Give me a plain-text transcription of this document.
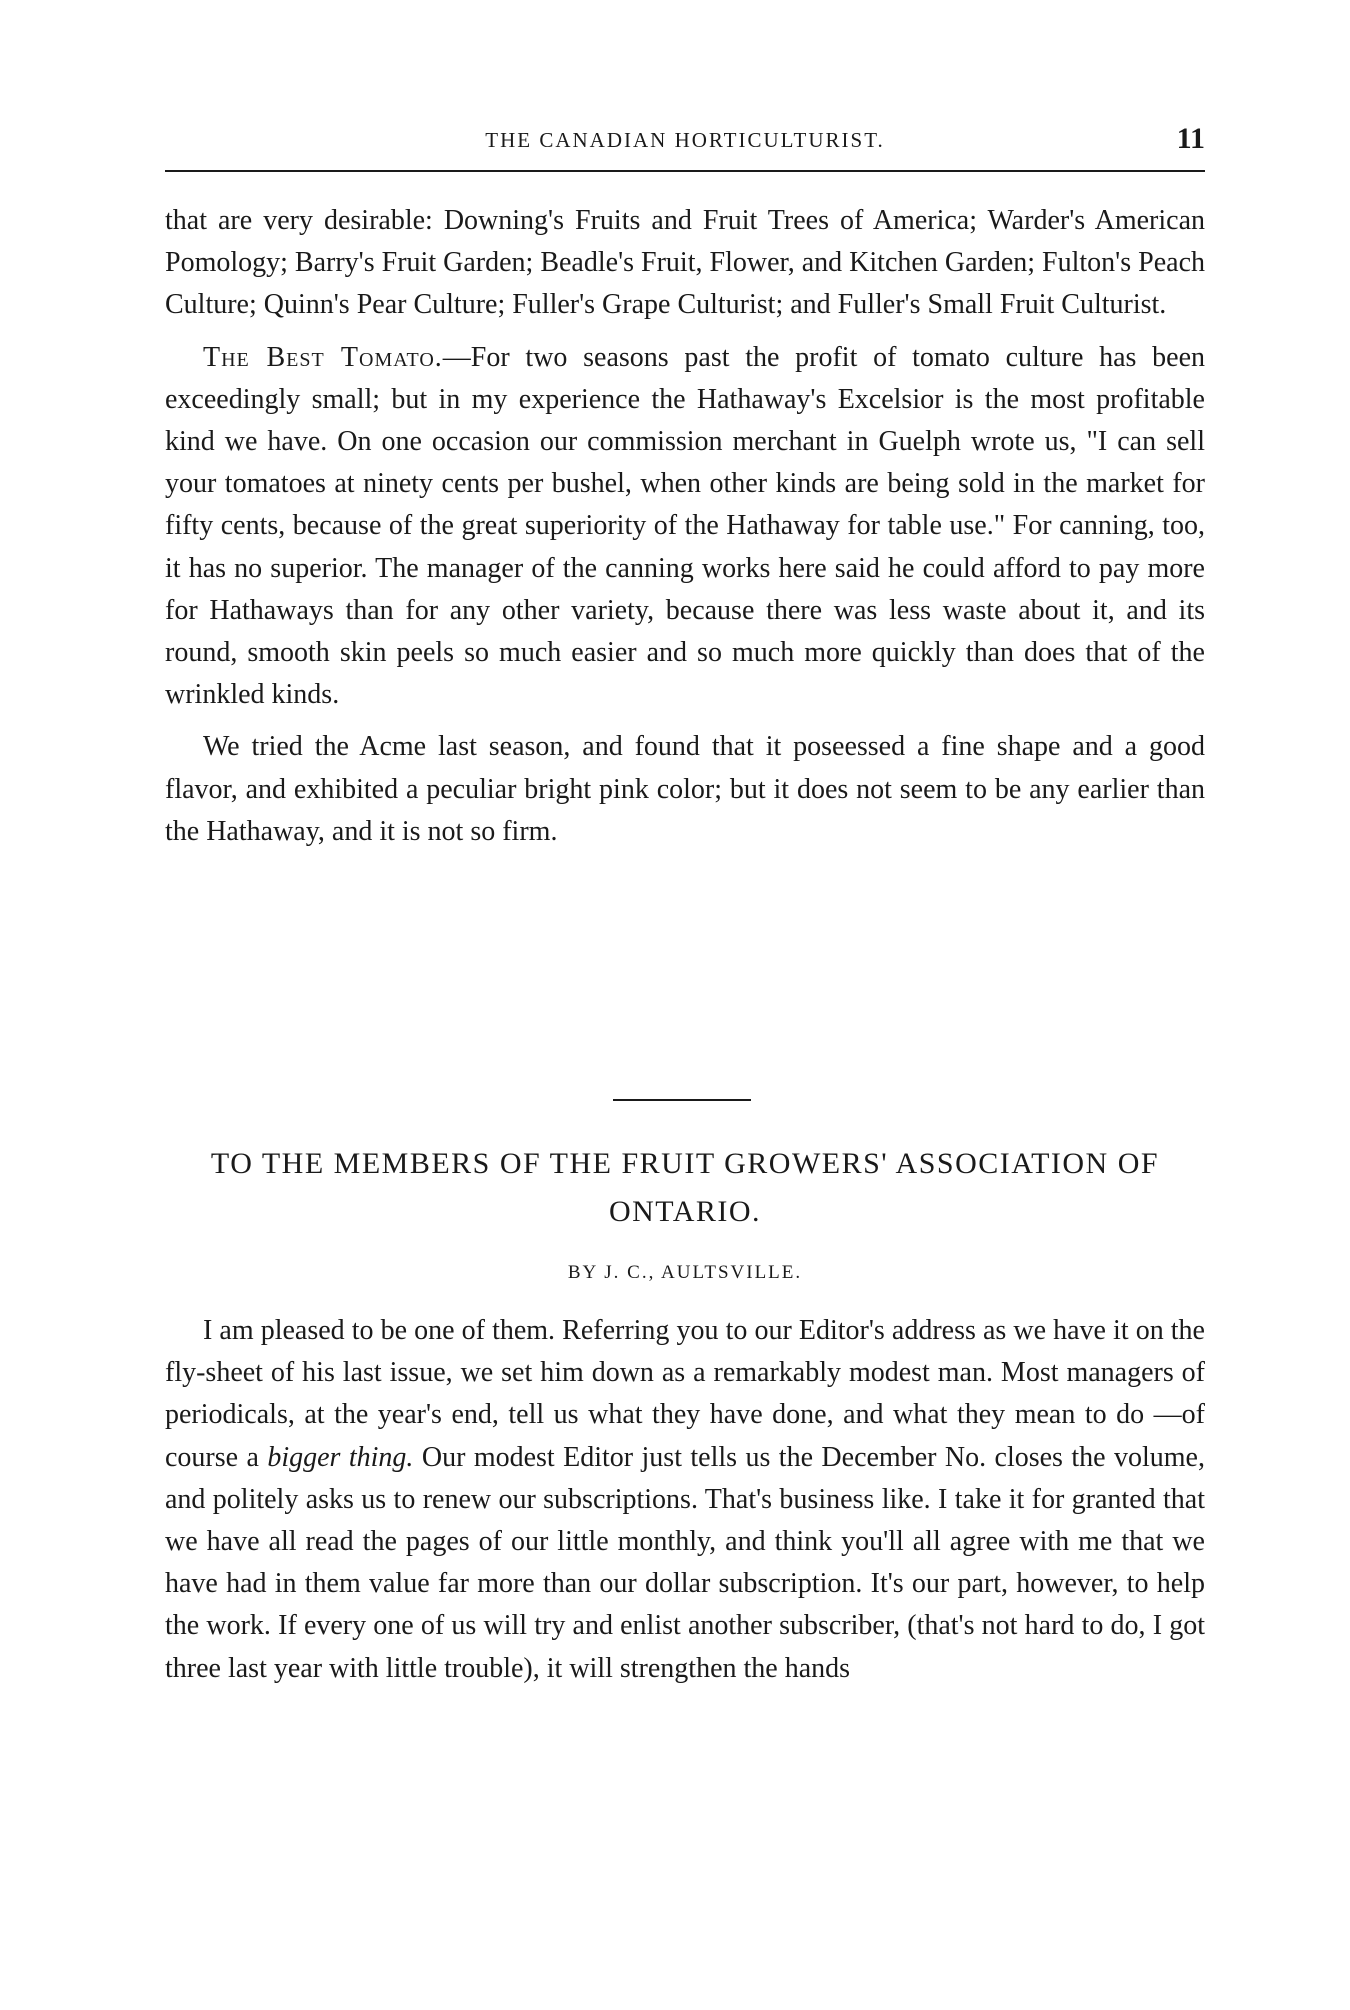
THE CANADIAN HORTICULTURIST.	11

that are very desirable: Downing's Fruits and Fruit Trees of America; Warder's American Pomology; Barry's Fruit Garden; Beadle's Fruit, Flower, and Kitchen Garden; Fulton's Peach Culture; Quinn's Pear Culture; Fuller's Grape Culturist; and Fuller's Small Fruit Culturist.

The Best Tomato.—For two seasons past the profit of tomato culture has been exceedingly small; but in my experience the Hathaway's Excelsior is the most profitable kind we have. On one occasion our commission merchant in Guelph wrote us, "I can sell your tomatoes at ninety cents per bushel, when other kinds are being sold in the market for fifty cents, because of the great superiority of the Hathaway for table use." For canning, too, it has no superior. The manager of the canning works here said he could afford to pay more for Hathaways than for any other variety, because there was less waste about it, and its round, smooth skin peels so much easier and so much more quickly than does that of the wrinkled kinds.

We tried the Acme last season, and found that it poseessed a fine shape and a good flavor, and exhibited a peculiar bright pink color; but it does not seem to be any earlier than the Hathaway, and it is not so firm.

TO THE MEMBERS OF THE FRUIT GROWERS' ASSOCIATION OF ONTARIO.
BY J. C., AULTSVILLE.

I am pleased to be one of them. Referring you to our Editor's address as we have it on the fly-sheet of his last issue, we set him down as a remarkably modest man. Most managers of periodicals, at the year's end, tell us what they have done, and what they mean to do —of course a bigger thing. Our modest Editor just tells us the December No. closes the volume, and politely asks us to renew our subscriptions. That's business like. I take it for granted that we have all read the pages of our little monthly, and think you'll all agree with me that we have had in them value far more than our dollar subscription. It's our part, however, to help the work. If every one of us will try and enlist another subscriber, (that's not hard to do, I got three last year with little trouble), it will strengthen the hands
